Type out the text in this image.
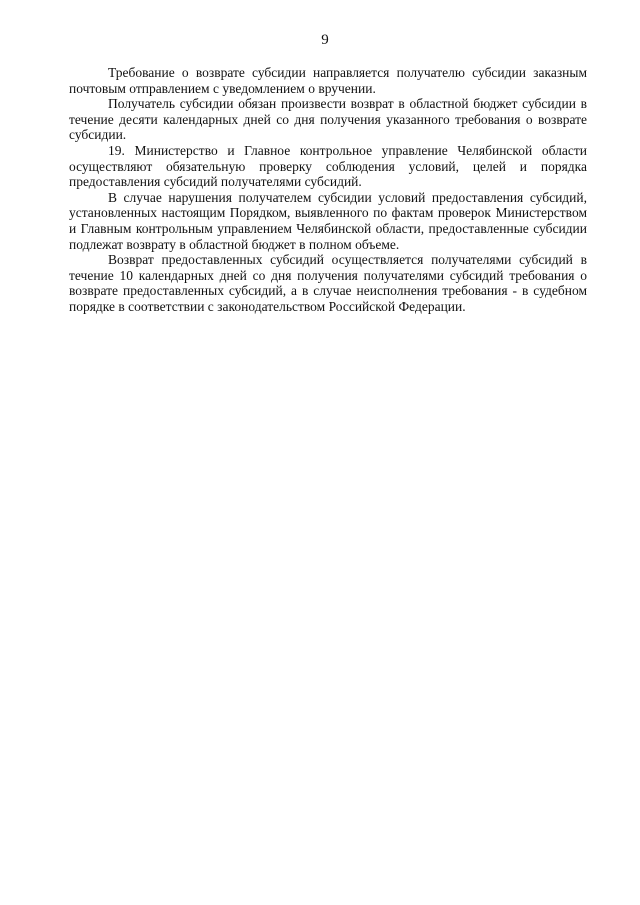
9

Требование о возврате субсидии направляется получателю субсидии заказным почтовым отправлением с уведомлением о вручении.

Получатель субсидии обязан произвести возврат в областной бюджет субсидии в течение десяти календарных дней со дня получения указанного требования о возврате субсидии.

19. Министерство и Главное контрольное управление Челябинской области осуществляют обязательную проверку соблюдения условий, целей и порядка предоставления субсидий получателями субсидий.

В случае нарушения получателем субсидии условий предоставления субсидий, установленных настоящим Порядком, выявленного по фактам проверок Министерством и Главным контрольным управлением Челябинской области, предоставленные субсидии подлежат возврату в областной бюджет в полном объеме.

Возврат предоставленных субсидий осуществляется получателями субсидий в течение 10 календарных дней со дня получения получателями субсидий требования о возврате предоставленных субсидий, а в случае неисполнения требования - в судебном порядке в соответствии с законодательством Российской Федерации.
